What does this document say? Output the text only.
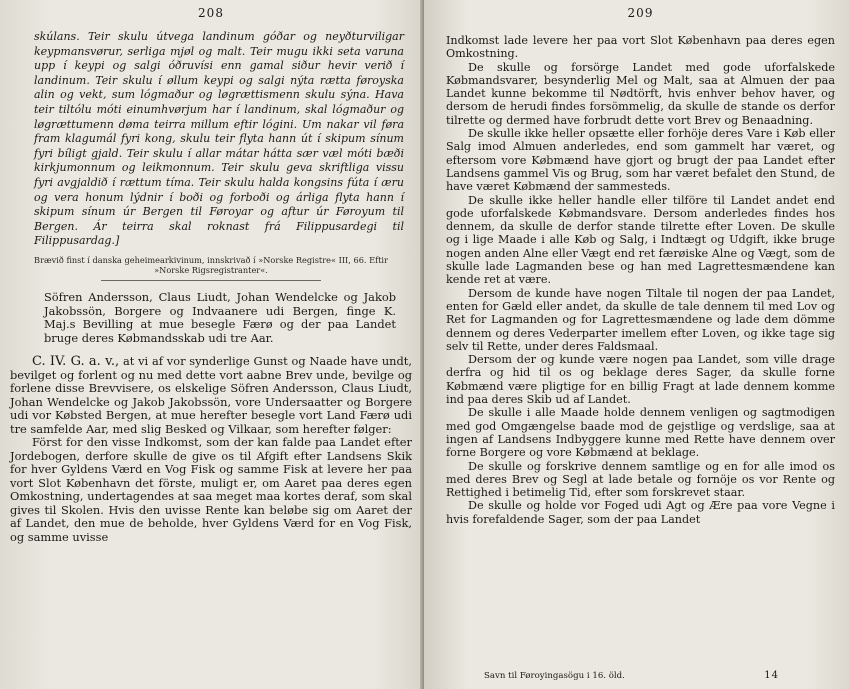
208

skúlans. Teir skulu útvega landinum góðar og neyðturviligar keypmansvørur, serliga mjøl og malt. Teir mugu ikki seta varuna upp í keypi og salgi óðruvísi enn gamal siður hevir verið í landinum. Teir skulu í øllum keypi og salgi nýta rætta føroyska alin og vekt, sum lógmaður og løgrættismenn skulu sýna. Hava teir tiltólu móti einumhvørjum har í landinum, skal lógmaður og løgrættumenn døma teirra millum eftir lógini. Um nakar vil føra fram klagumál fyri kong, skulu teir flyta hann út í skipum sínum fyri bíligt gjald. Teir skulu í allar mátar hátta sær væl móti bæði kirkjumonnum og leikmonnum. Teir skulu geva skriftliga vissu fyri avgjaldið í rættum tíma. Teir skulu halda kongsins fúta í æru og vera honum lýdnir í boði og forboði og árliga flyta hann í skipum sínum úr Bergen til Føroyar og aftur úr Føroyum til Bergen. Ár teirra skal roknast frá Filippusardegi til Filippusardag.]

Brævið finst í danska geheimearkivinum, innskrivað í »Norske Registre« III, 66. Eftir »Norske Rigsregistranter«.

Söfren Andersson, Claus Liudt, Johan Wendelcke og Jakob Jakobssön, Borgere og Indvaanere udi Bergen, finge K. Maj.s Bevilling at mue besegle Færø og der paa Landet bruge deres Købmandsskab udi tre Aar.

C. IV. G. a. v., at vi af vor synderlige Gunst og Naade have undt, bevilget og forlent og nu med dette vort aabne Brev unde, bevilge og forlene disse Brevvisere, os elskelige Söfren Andersson, Claus Liudt, Johan Wendelcke og Jakob Jakobssön, vore Undersaatter og Borgere udi vor Købsted Bergen, at mue herefter besegle vort Land Færø udi tre samfelde Aar, med slig Besked og Vilkaar, som herefter følger:

Först for den visse Indkomst, som der kan falde paa Landet efter Jordebogen, derfore skulle de give os til Afgift efter Landsens Skik for hver Gyldens Værd en Vog Fisk og samme Fisk at levere her paa vort Slot København det förste, muligt er, om Aaret paa deres egen Omkostning, undertagendes at saa meget maa kortes deraf, som skal gives til Skolen. Hvis den uvisse Rente kan beløbe sig om Aaret der af Landet, den mue de beholde, hver Gyldens Værd for en Vog Fisk, og samme uvisse

209

Indkomst lade levere her paa vort Slot København paa deres egen Omkostning.

De skulle og forsörge Landet med gode uforfalskede Købmandsvarer, besynderlig Mel og Malt, saa at Almuen der paa Landet kunne bekomme til Nødtörft, hvis enhver behov haver, og dersom de herudi findes forsömmelig, da skulle de stande os derfor tilrette og dermed have forbrudt dette vort Brev og Benaadning.

De skulle ikke heller opsætte eller forhöje deres Vare i Køb eller Salg imod Almuen anderledes, end som gammelt har været, og eftersom vore Købmænd have gjort og brugt der paa Landet efter Landsens gammel Vis og Brug, som har været befalet den Stund, de have været Købmænd der sammesteds.

De skulle ikke heller handle eller tilföre til Landet andet end gode uforfalskede Købmandsvare. Dersom anderledes findes hos dennem, da skulle de derfor stande tilrette efter Loven. De skulle og i lige Maade i alle Køb og Salg, i Indtægt og Udgift, ikke bruge nogen anden Alne eller Vægt end ret færøiske Alne og Vægt, som de skulle lade Lagmanden bese og han med Lagrettesmændene kan kende ret at være.

Dersom de kunde have nogen Tiltale til nogen der paa Landet, enten for Gæld eller andet, da skulle de tale dennem til med Lov og Ret for Lagmanden og for Lagrettesmændene og lade dem dömme dennem og deres Vederparter imellem efter Loven, og ikke tage sig selv til Rette, under deres Faldsmaal.

Dersom der og kunde være nogen paa Landet, som ville drage derfra og hid til os og beklage deres Sager, da skulle forne Købmænd være pligtige for en billig Fragt at lade dennem komme ind paa deres Skib ud af Landet.

De skulle i alle Maade holde dennem venligen og sagtmodigen med god Omgængelse baade mod de gejstlige og verdslige, saa at ingen af Landsens Indbyggere kunne med Rette have dennem over forne Borgere og vore Købmænd at beklage.

De skulle og forskrive dennem samtlige og en for alle imod os med deres Brev og Segl at lade betale og fornöje os vor Rente og Rettighed i betimelig Tid, efter som forskrevet staar.

De skulle og holde vor Foged udi Agt og Ære paa vore Vegne i hvis forefaldende Sager, som der paa Landet

Savn til Føroyingasögu i 16. öld.	14
